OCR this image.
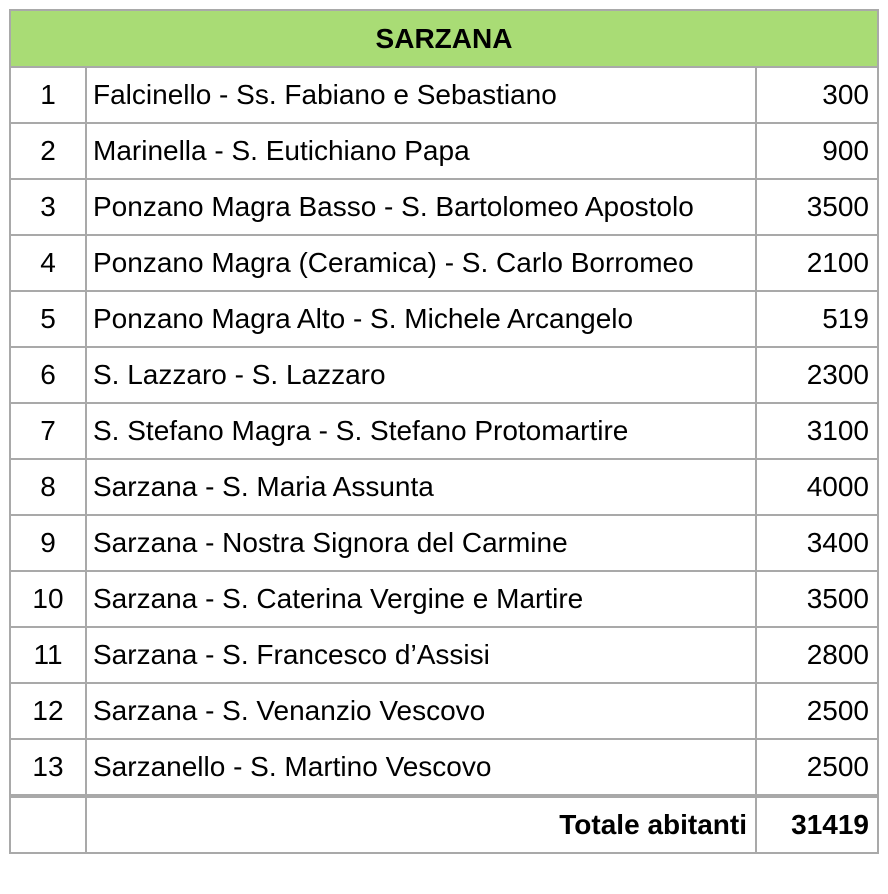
SARZANA		
1	Falcinello - Ss. Fabiano e Sebastiano	300
2	Marinella - S. Eutichiano Papa	900
3	Ponzano Magra Basso - S. Bartolomeo Apostolo	3500
4	Ponzano Magra (Ceramica) - S. Carlo Borromeo	2100
5	Ponzano Magra Alto - S. Michele Arcangelo	519
6	S. Lazzaro - S. Lazzaro	2300
7	S. Stefano Magra - S. Stefano Protomartire	3100
8	Sarzana - S. Maria Assunta	4000
9	Sarzana - Nostra Signora del Carmine	3400
10	Sarzana - S. Caterina Vergine e Martire	3500
11	Sarzana - S. Francesco d’Assisi	2800
12	Sarzana - S. Venanzio Vescovo	2500
13	Sarzanello - S. Martino Vescovo	2500
	Totale abitanti	31419
